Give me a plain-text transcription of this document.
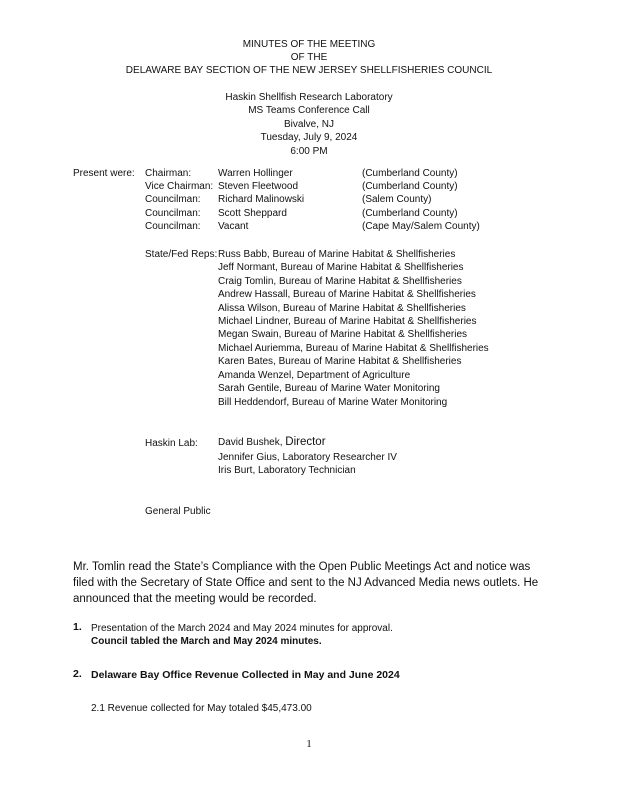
MINUTES OF THE MEETING
OF THE
DELAWARE BAY SECTION OF THE NEW JERSEY SHELLFISHERIES COUNCIL
Haskin Shellfish Research Laboratory
MS Teams Conference Call
Bivalve, NJ
Tuesday, July 9, 2024
6:00 PM
Present were: Chairman:	Warren Hollinger	(Cumberland County)
Vice Chairman: Steven Fleetwood	(Cumberland County)
Councilman: Richard Malinowski	(Salem County)
Councilman: Scott Sheppard	(Cumberland County)
Councilman: Vacant	(Cape May/Salem County)
State/Fed Reps: Russ Babb, Bureau of Marine Habitat & Shellfisheries
Jeff Normant, Bureau of Marine Habitat & Shellfisheries
Craig Tomlin, Bureau of Marine Habitat & Shellfisheries
Andrew Hassall, Bureau of Marine Habitat & Shellfisheries
Alissa Wilson, Bureau of Marine Habitat & Shellfisheries
Michael Lindner, Bureau of Marine Habitat & Shellfisheries
Megan Swain, Bureau of Marine Habitat & Shellfisheries
Michael Auriemma, Bureau of Marine Habitat & Shellfisheries
Karen Bates, Bureau of Marine Habitat & Shellfisheries
Amanda Wenzel, Department of Agriculture
Sarah Gentile, Bureau of Marine Water Monitoring
Bill Heddendorf, Bureau of Marine Water Monitoring
Haskin Lab: David Bushek, Director
Jennifer Gius, Laboratory Researcher IV
Iris Burt, Laboratory Technician
General Public
Mr. Tomlin read the State’s Compliance with the Open Public Meetings Act and notice was filed with the Secretary of State Office and sent to the NJ Advanced Media news outlets. He announced that the meeting would be recorded.
1. Presentation of the March 2024 and May 2024 minutes for approval.
Council tabled the March and May 2024 minutes.
2. Delaware Bay Office Revenue Collected in May and June 2024
2.1 Revenue collected for May totaled $45,473.00
1
